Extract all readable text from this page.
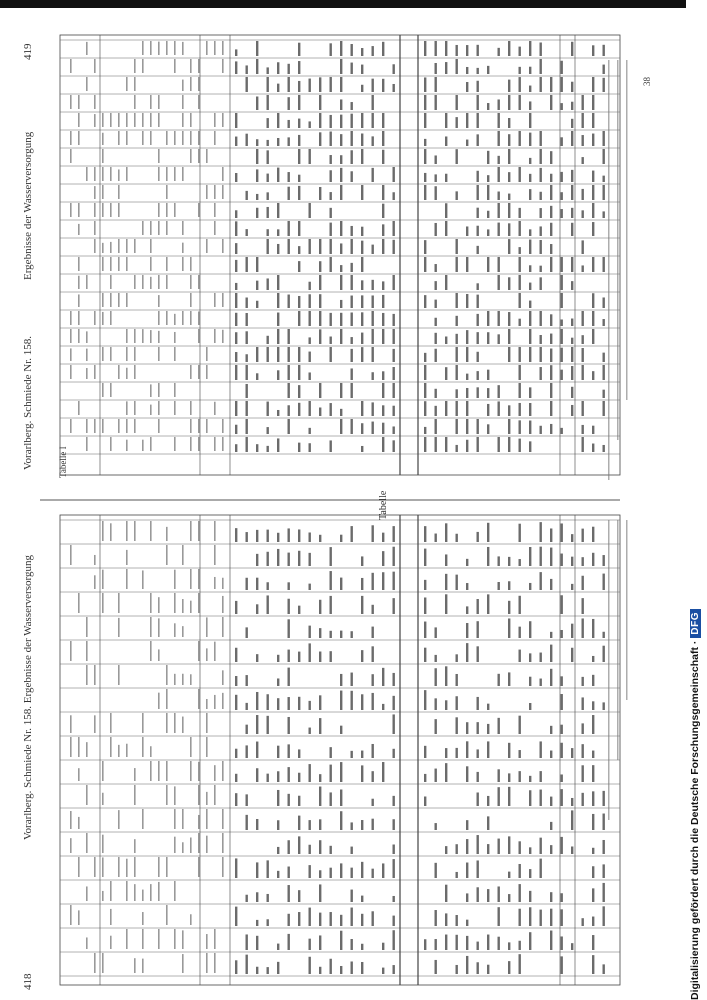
418
Vorarlberg. Schmiede Nr. 158. Ergebnisse der Wasserversorgung
Tabelle
419
Vorarlberg. Schmiede Nr. 158.
Ergebnisse der Wasserversorgung
Tabelle I
38
Digitalisierung gefördert durch die Deutsche Forschungsgemeinschaft ·DFG
